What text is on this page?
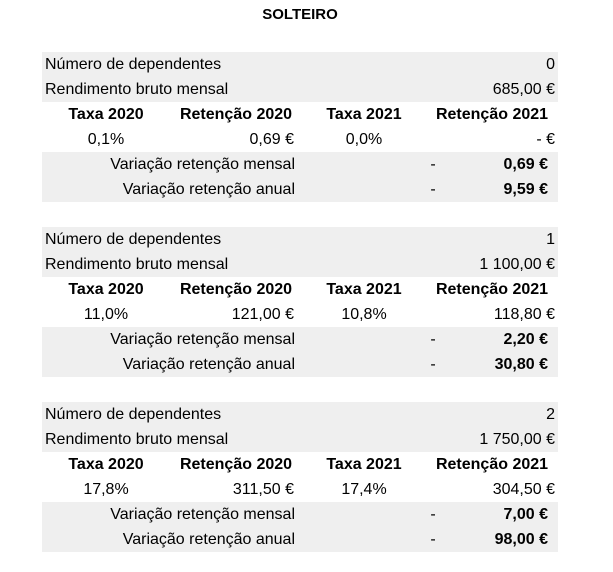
SOLTEIRO
Número de dependentes	0
Rendimento bruto mensal	685,00 €
Taxa 2020	Retenção 2020	Taxa 2021	Retenção 2021
0,1%	0,69 €	0,0%	- €
Variação retenção mensal	-	0,69 €
Variação retenção anual	-	9,59 €
Número de dependentes	1
Rendimento bruto mensal	1 100,00 €
Taxa 2020	Retenção 2020	Taxa 2021	Retenção 2021
11,0%	121,00 €	10,8%	118,80 €
Variação retenção mensal	-	2,20 €
Variação retenção anual	-	30,80 €
Número de dependentes	2
Rendimento bruto mensal	1 750,00 €
Taxa 2020	Retenção 2020	Taxa 2021	Retenção 2021
17,8%	311,50 €	17,4%	304,50 €
Variação retenção mensal	-	7,00 €
Variação retenção anual	-	98,00 €
